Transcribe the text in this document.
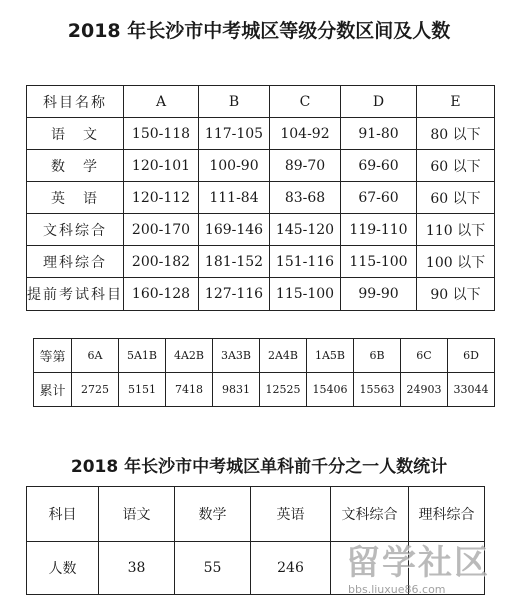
2018 年长沙市中考城区等级分数区间及人数
科目名称	A	B	C	D	E
语　文	150-118	117-105	104-92	91-80	80 以下
数　学	120-101	100-90	89-70	69-60	60 以下
英　语	120-112	111-84	83-68	67-60	60 以下
文科综合	200-170	169-146	145-120	119-110	110 以下
理科综合	200-182	181-152	151-116	115-100	100 以下
提前考试科目	160-128	127-116	115-100	99-90	90 以下
等第	6A	5A1B	4A2B	3A3B	2A4B	1A5B	6B	6C	6D
累计	2725	5151	7418	9831	12525	15406	15563	24903	33044
2018 年长沙市中考城区单科前千分之一人数统计
科目	语文	数学	英语	文科综合	理科综合
人数	38	55	246		留学社区
bbs.liuxue86.com
